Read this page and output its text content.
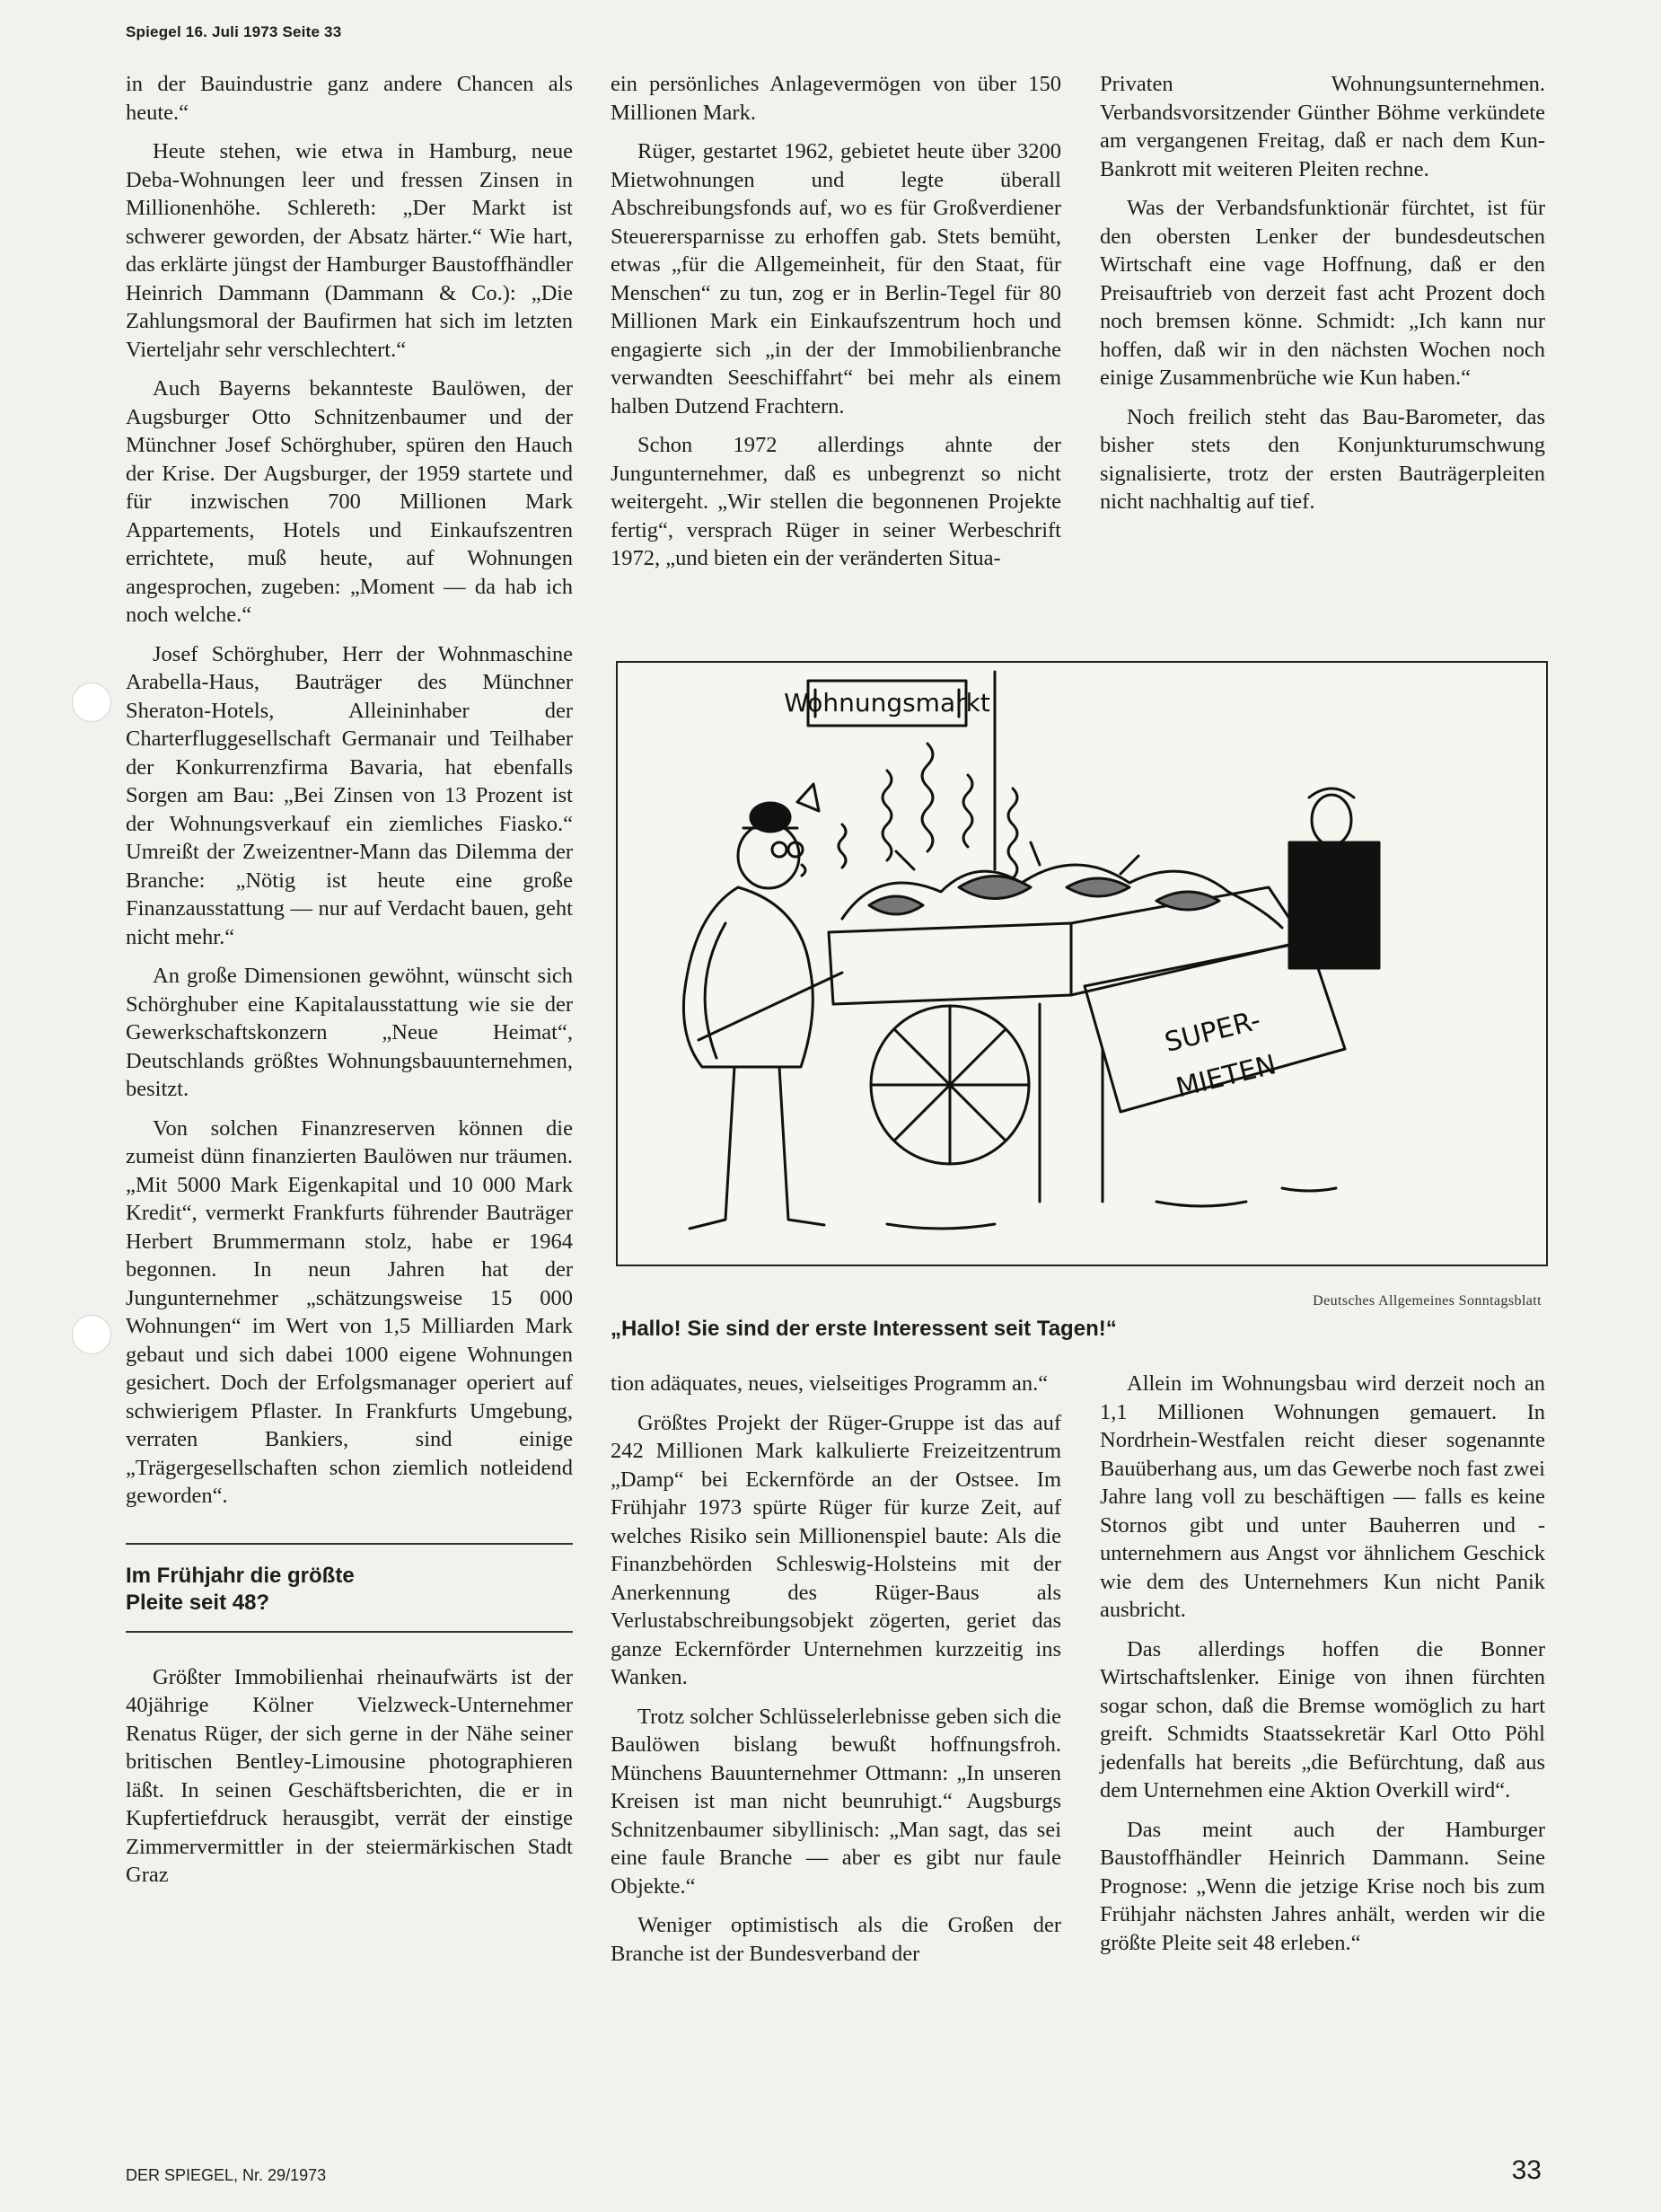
Spiegel 16. Juli 1973 Seite 33

in der Bauindustrie ganz andere Chancen als heute.“

Heute stehen, wie etwa in Hamburg, neue Deba-Wohnungen leer und fressen Zinsen in Millionenhöhe. Schlereth: „Der Markt ist schwerer geworden, der Absatz härter.“ Wie hart, das erklärte jüngst der Hamburger Baustoffhändler Heinrich Dammann (Dammann & Co.): „Die Zahlungsmoral der Baufirmen hat sich im letzten Vierteljahr sehr verschlechtert.“

Auch Bayerns bekannteste Baulöwen, der Augsburger Otto Schnitzenbaumer und der Münchner Josef Schörghuber, spüren den Hauch der Krise. Der Augsburger, der 1959 startete und für inzwischen 700 Millionen Mark Appartements, Hotels und Einkaufszentren errichtete, muß heute, auf Wohnungen angesprochen, zugeben: „Moment — da hab ich noch welche.“

Josef Schörghuber, Herr der Wohnmaschine Arabella-Haus, Bauträger des Münchner Sheraton-Hotels, Alleininhaber der Charterfluggesellschaft Germanair und Teilhaber der Konkurrenzfirma Bavaria, hat ebenfalls Sorgen am Bau: „Bei Zinsen von 13 Prozent ist der Wohnungsverkauf ein ziemliches Fiasko.“ Umreißt der Zweizentner-Mann das Dilemma der Branche: „Nötig ist heute eine große Finanzausstattung — nur auf Verdacht bauen, geht nicht mehr.“

An große Dimensionen gewöhnt, wünscht sich Schörghuber eine Kapitalausstattung wie sie der Gewerkschaftskonzern „Neue Heimat“, Deutschlands größtes Wohnungsbauunternehmen, besitzt.

Von solchen Finanzreserven können die zumeist dünn finanzierten Baulöwen nur träumen. „Mit 5000 Mark Eigenkapital und 10 000 Mark Kredit“, vermerkt Frankfurts führender Bauträger Herbert Brummermann stolz, habe er 1964 begonnen. In neun Jahren hat der Jungunternehmer „schätzungsweise 15 000 Wohnungen“ im Wert von 1,5 Milliarden Mark gebaut und sich dabei 1000 eigene Wohnungen gesichert. Doch der Erfolgsmanager operiert auf schwierigem Pflaster. In Frankfurts Umgebung, verraten Bankiers, sind einige „Trägergesellschaften schon ziemlich notleidend geworden“.

Im Frühjahr die größte
Pleite seit 48?

Größter Immobilienhai rheinaufwärts ist der 40jährige Kölner Vielzweck-Unternehmer Renatus Rüger, der sich gerne in der Nähe seiner britischen Bentley-Limousine photographieren läßt. In seinen Geschäftsberichten, die er in Kupfertiefdruck herausgibt, verrät der einstige Zimmervermittler in der steiermärkischen Stadt Graz

ein persönliches Anlagevermögen von über 150 Millionen Mark.

Rüger, gestartet 1962, gebietet heute über 3200 Mietwohnungen und legte überall Abschreibungsfonds auf, wo es für Großverdiener Steuerersparnisse zu erhoffen gab. Stets bemüht, etwas „für die Allgemeinheit, für den Staat, für Menschen“ zu tun, zog er in Berlin-Tegel für 80 Millionen Mark ein Einkaufszentrum hoch und engagierte sich „in der der Immobilienbranche verwandten Seeschiffahrt“ bei mehr als einem halben Dutzend Frachtern.

Schon 1972 allerdings ahnte der Jungunternehmer, daß es unbegrenzt so nicht weitergeht. „Wir stellen die begonnenen Projekte fertig“, versprach Rüger in seiner Werbeschrift 1972, „und bieten ein der veränderten Situa-

Privaten Wohnungsunternehmen. Verbandsvorsitzender Günther Böhme verkündete am vergangenen Freitag, daß er nach dem Kun-Bankrott mit weiteren Pleiten rechne.

Was der Verbandsfunktionär fürchtet, ist für den obersten Lenker der bundesdeutschen Wirtschaft eine vage Hoffnung, daß er den Preisauftrieb von derzeit fast acht Prozent doch noch bremsen könne. Schmidt: „Ich kann nur hoffen, daß wir in den nächsten Wochen noch einige Zusammenbrüche wie Kun haben.“

Noch freilich steht das Bau-Barometer, das bisher stets den Konjunkturumschwung signalisierte, trotz der ersten Bauträgerpleiten nicht nachhaltig auf tief.

Wohnungsmarkt
SUPER-
MIETEN
Deutsches Allgemeines Sonntagsblatt
„Hallo! Sie sind der erste Interessent seit Tagen!“

tion adäquates, neues, vielseitiges Programm an.“

Größtes Projekt der Rüger-Gruppe ist das auf 242 Millionen Mark kalkulierte Freizeitzentrum „Damp“ bei Eckernförde an der Ostsee. Im Frühjahr 1973 spürte Rüger für kurze Zeit, auf welches Risiko sein Millionenspiel baute: Als die Finanzbehörden Schleswig-Holsteins mit der Anerkennung des Rüger-Baus als Verlustabschreibungsobjekt zögerten, geriet das ganze Eckernförder Unternehmen kurzzeitig ins Wanken.

Trotz solcher Schlüsselerlebnisse geben sich die Baulöwen bislang bewußt hoffnungsfroh. Münchens Bauunternehmer Ottmann: „In unseren Kreisen ist man nicht beunruhigt.“ Augsburgs Schnitzenbaumer sibyllinisch: „Man sagt, das sei eine faule Branche — aber es gibt nur faule Objekte.“

Weniger optimistisch als die Großen der Branche ist der Bundesverband der

Allein im Wohnungsbau wird derzeit noch an 1,1 Millionen Wohnungen gemauert. In Nordrhein-Westfalen reicht dieser sogenannte Bauüberhang aus, um das Gewerbe noch fast zwei Jahre lang voll zu beschäftigen — falls es keine Stornos gibt und unter Bauherren und -unternehmern aus Angst vor ähnlichem Geschick wie dem des Unternehmers Kun nicht Panik ausbricht.

Das allerdings hoffen die Bonner Wirtschaftslenker. Einige von ihnen fürchten sogar schon, daß die Bremse womöglich zu hart greift. Schmidts Staatssekretär Karl Otto Pöhl jedenfalls hat bereits „die Befürchtung, daß aus dem Unternehmen eine Aktion Overkill wird“.

Das meint auch der Hamburger Baustoffhändler Heinrich Dammann. Seine Prognose: „Wenn die jetzige Krise noch bis zum Frühjahr nächsten Jahres anhält, werden wir die größte Pleite seit 48 erleben.“

DER SPIEGEL, Nr. 29/1973	33
